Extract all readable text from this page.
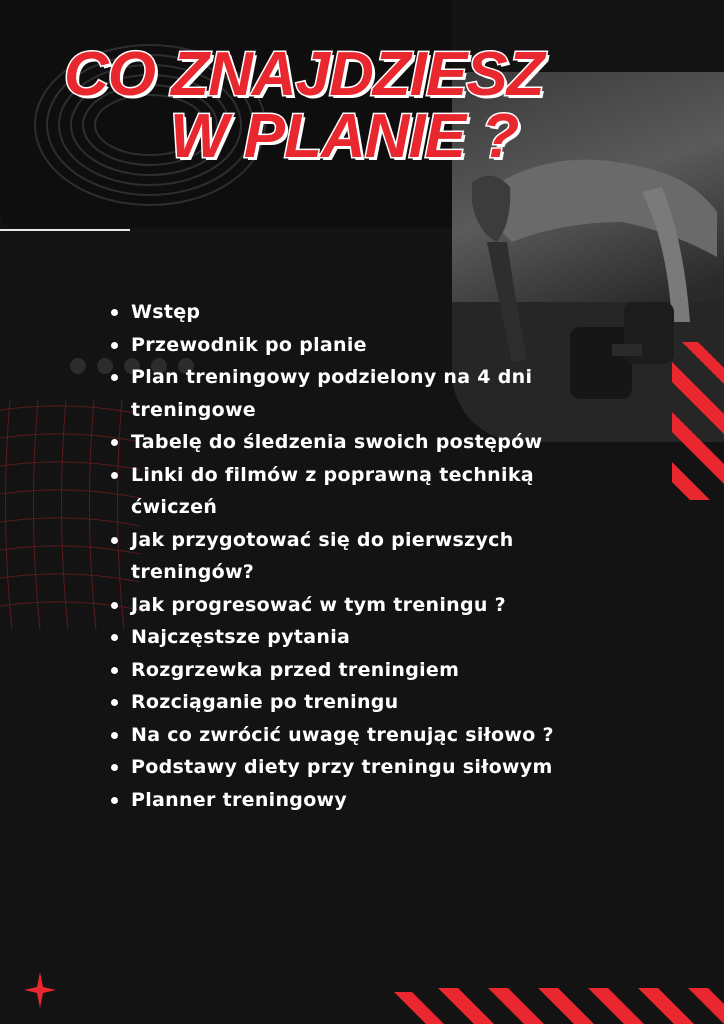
CO ZNAJDZIESZ
W PLANIE ?
Wstęp
Przewodnik po planie
Plan treningowy podzielony na 4 dni treningowe
Tabelę do śledzenia swoich postępów
Linki do filmów z poprawną techniką ćwiczeń
Jak przygotować się do pierwszych treningów?
Jak progresować w tym treningu ?
Najczęstsze pytania
Rozgrzewka przed treningiem
Rozciąganie po treningu
Na co zwrócić uwagę trenując siłowo ?
Podstawy diety przy treningu siłowym
Planner treningowy
